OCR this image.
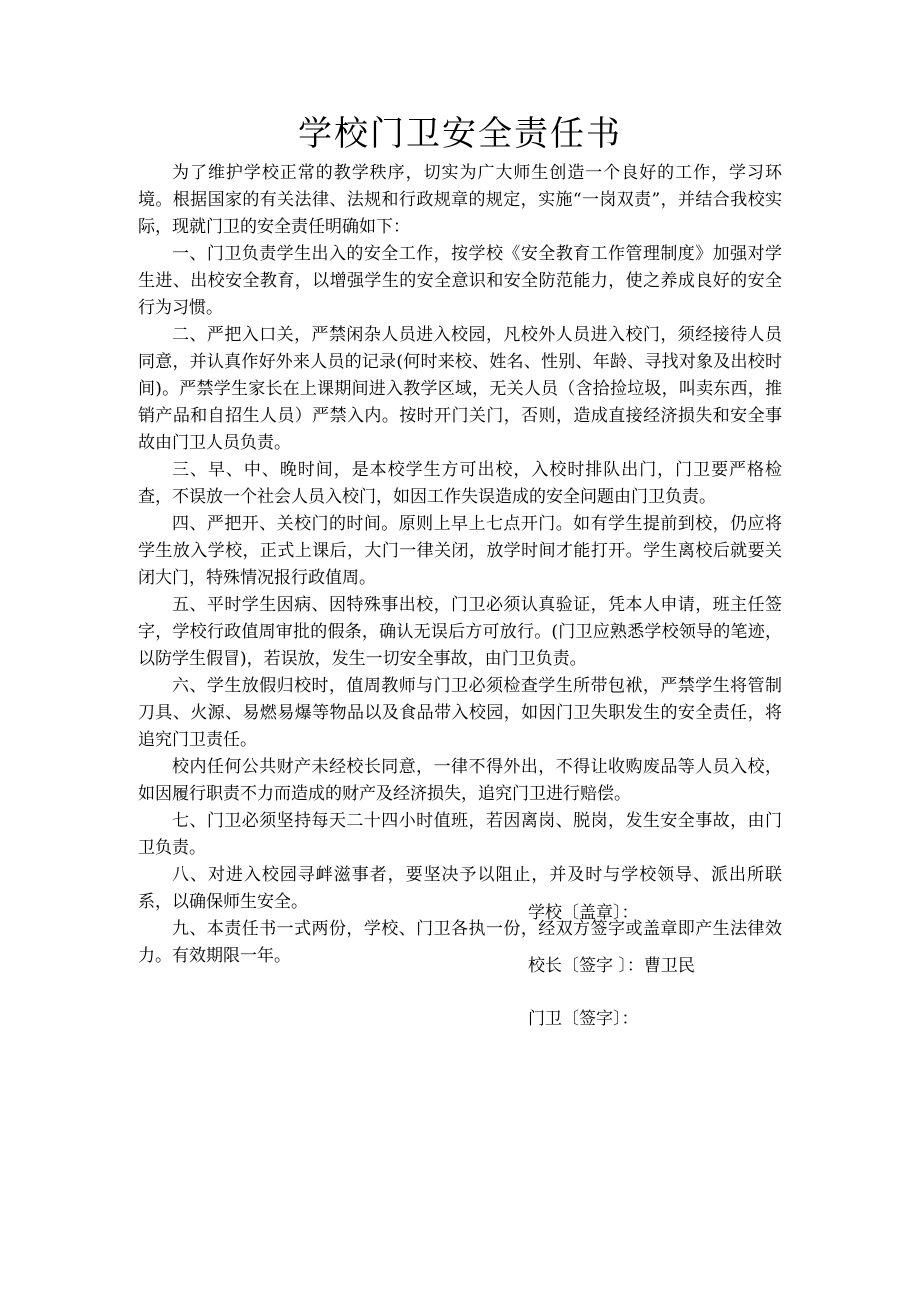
学校门卫安全责任书

为了维护学校正常的教学秩序，切实为广大师生创造一个良好的工作，学习环境。根据国家的有关法律、法规和行政规章的规定，实施“一岗双责”，并结合我校实际，现就门卫的安全责任明确如下：

一、门卫负责学生出入的安全工作，按学校《安全教育工作管理制度》加强对学生进、出校安全教育，以增强学生的安全意识和安全防范能力，使之养成良好的安全行为习惯。

二、严把入口关，严禁闲杂人员进入校园，凡校外人员进入校门，须经接待人员同意，并认真作好外来人员的记录(何时来校、姓名、性别、年龄、寻找对象及出校时间)。严禁学生家长在上课期间进入教学区域，无关人员（含拾捡垃圾，叫卖东西，推销产品和自招生人员）严禁入内。按时开门关门，否则，造成直接经济损失和安全事故由门卫人员负责。

三、早、中、晚时间，是本校学生方可出校，入校时排队出门，门卫要严格检查，不误放一个社会人员入校门，如因工作失误造成的安全问题由门卫负责。

四、严把开、关校门的时间。原则上早上七点开门。如有学生提前到校，仍应将学生放入学校，正式上课后，大门一律关闭，放学时间才能打开。学生离校后就要关闭大门，特殊情况报行政值周。

五、平时学生因病、因特殊事出校，门卫必须认真验证，凭本人申请，班主任签字，学校行政值周审批的假条，确认无误后方可放行。(门卫应熟悉学校领导的笔迹，以防学生假冒)，若误放，发生一切安全事故，由门卫负责。

六、学生放假归校时，值周教师与门卫必须检查学生所带包袱，严禁学生将管制刀具、火源、易燃易爆等物品以及食品带入校园，如因门卫失职发生的安全责任，将追究门卫责任。

校内任何公共财产未经校长同意，一律不得外出，不得让收购废品等人员入校，如因履行职责不力而造成的财产及经济损失，追究门卫进行赔偿。

七、门卫必须坚持每天二十四小时值班，若因离岗、脱岗，发生安全事故，由门卫负责。

八、对进入校园寻衅滋事者，要坚决予以阻止，并及时与学校领导、派出所联系，以确保师生安全。

九、本责任书一式两份，学校、门卫各执一份，经双方签字或盖章即产生法律效力。有效期限一年。

学校〔盖章〕：

校长〔签字 〕：曹卫民

门卫〔签字〕：
